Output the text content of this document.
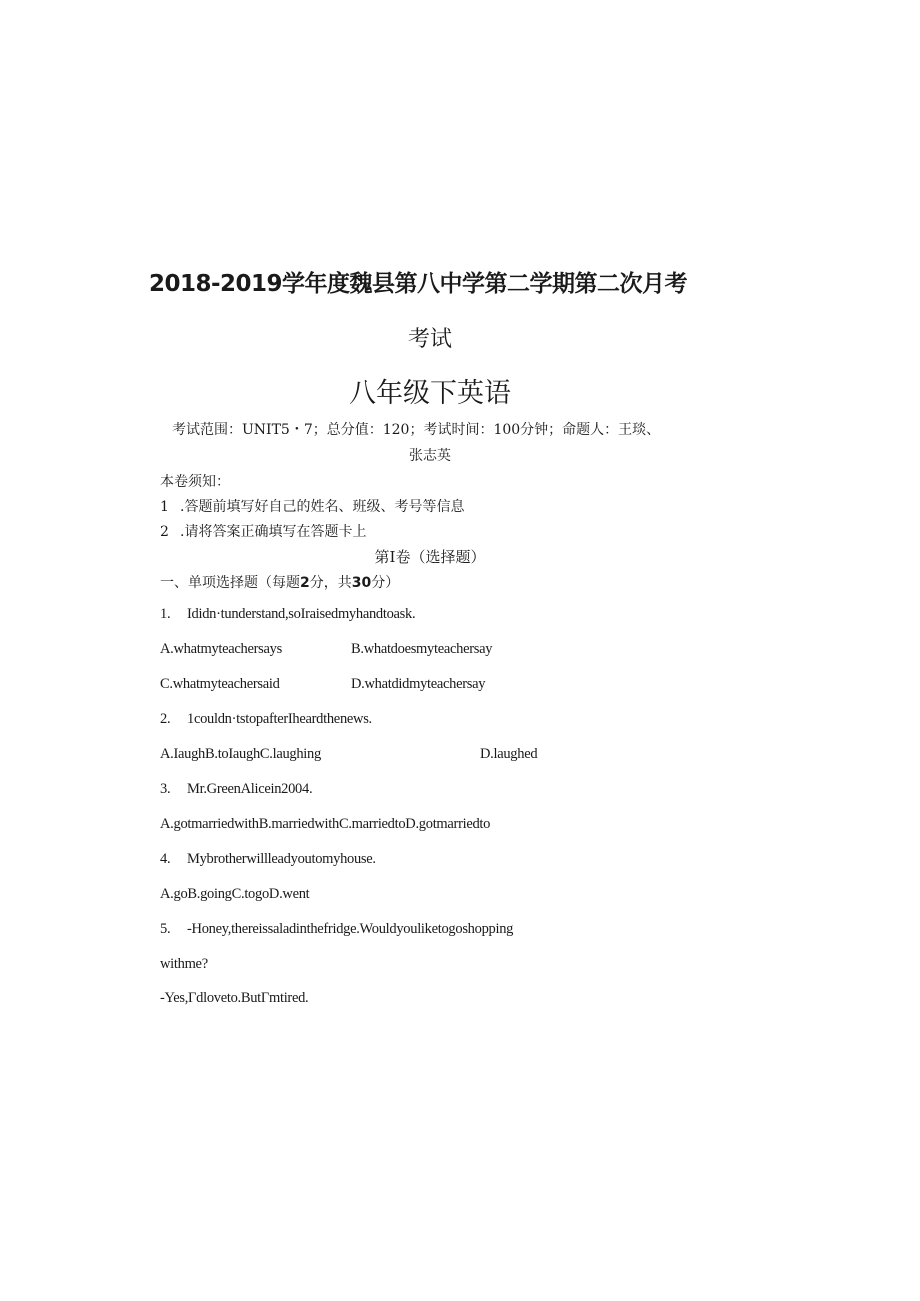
2018-2019学年度魏县第八中学第二学期第二次月考
考试
八年级下英语
考试范围：UNIT5・7；总分值：120；考试时间：100分钟；命题人：王琰、
张志英
本卷须知：
1 .答题前填写好自己的姓名、班级、考号等信息
2 .请将答案正确填写在答题卡上
第I卷（选择题）
一、单项选择题（每题2分，共30分）
1. Ididn·tunderstand,soIraisedmyhandtoask.
A.whatmyteachersays	B.whatdoesmyteachersay
C.whatmyteachersaid	D.whatdidmyteachersay
2. 1couldn·tstopafterIheardthenews.
A.IaughB.toIaughC.laughing	D.laughed
3. Mr.GreenAlicein2004.
A.gotmarriedwithB.marriedwithC.marriedtoD.gotmarriedto
4. Mybrotherwillleadyoutomyhouse.
A.goB.goingC.togoD.went
5. -Honey,thereissaladinthefridge.Wouldyouliketogoshopping
withme?
-Yes,Γdloveto.ButΓmtired.
